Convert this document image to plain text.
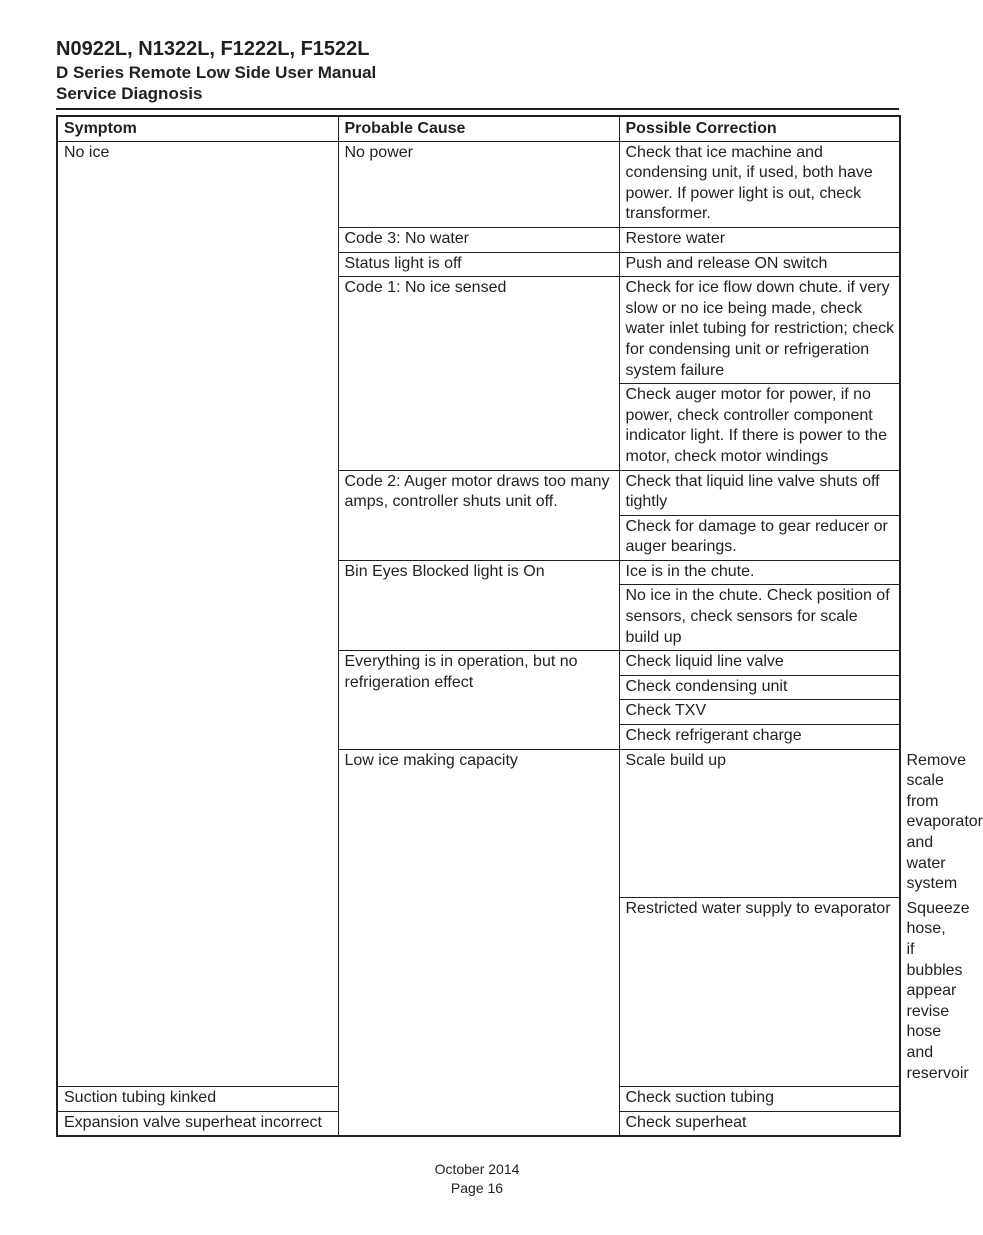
N0922L, N1322L, F1222L, F1522L
D Series Remote Low Side User Manual
Service Diagnosis
Symptom	Probable Cause	Possible Correction	
No ice	No power	Check that ice machine and condensing unit, if used, both have power. If power light is out, check transformer.	
	Code 3: No water	Restore water	
	Status light is off	Push and release ON switch	
	Code 1: No ice sensed	Check for ice flow down chute. if very slow or no ice being made, check water inlet tubing for restriction; check for condensing unit or refrigeration system failure	
		Check auger motor for power, if no power, check controller component indicator light. If there is power to the motor, check motor windings	
	Code 2: Auger motor draws too many amps, controller shuts unit off.	Check that liquid line valve shuts off tightly	
		Check for damage to gear reducer or auger bearings.	
	Bin Eyes Blocked light is On	Ice is in the chute.	
		No ice in the chute. Check position of sensors, check sensors for scale build up	
	Everything is in operation, but no refrigeration effect	Check liquid line valve	
		Check condensing unit	
		Check TXV	
		Check refrigerant charge	
	Low ice making capacity	Scale build up	Remove scale from evaporator and water system
		Restricted water supply to evaporator	Squeeze hose, if bubbles appear revise hose and reservoir
Suction tubing kinked		Check suction tubing	
Expansion valve superheat incorrect		Check superheat	
October 2014
Page 16
